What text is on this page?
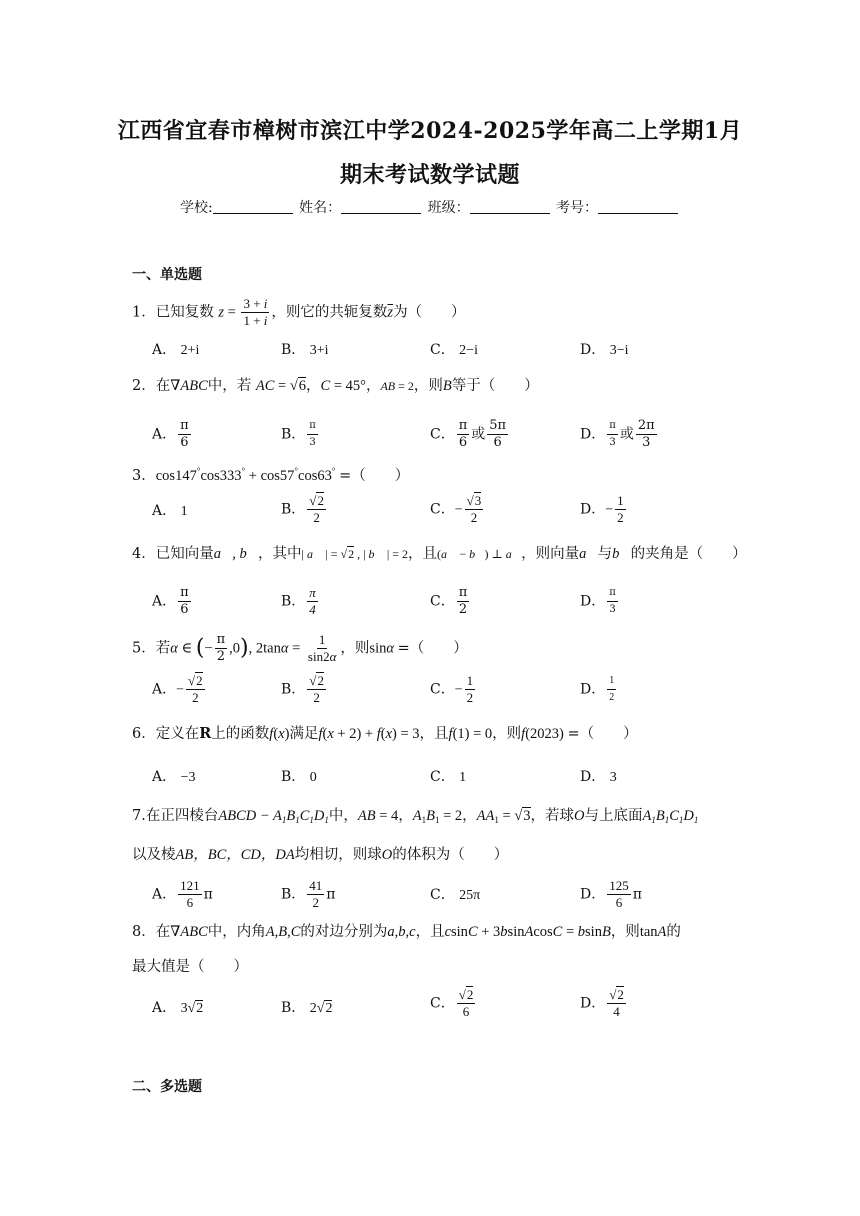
江西省宜春市樟树市滨江中学2024-2025学年高二上学期1月
期末考试数学试题
学校:	姓名：	班级：	考号：
一、单选题
1．已知复数 $z = \frac{3 + i}{1 + i}$ ，则它的共轭复数$\overline{z}$为（　　）
A． 2+i	B． 3+i	C． 2−i	D． 3−i
2．在∇ABC中，若 AC = √6，C = 45°，AB = 2，则B等于（　　）
A． $\frac{\pi}{6}$	B． $\frac{\pi}{3}$	C． $\frac{\pi}{6}$ 或 $\frac{5\pi}{6}$	D． $\frac{\pi}{3}$ 或 $\frac{2\pi}{3}$
3．cos147°cos333° + cos57°cos63° =（　　）
A． 1	B． $\frac{√2}{2}$	C．− $\frac{√3}{2}$	D．− $\frac{1}{2}$
4．已知向量a⃗, b⃗，其中| a⃗ | = √2 , | b⃗ | = 2，且(a⃗ − b⃗) ⊥ a⃗，则向量a⃗与b⃗的夹角是（　　）
A． $\frac{\pi}{6}$	B． $\frac{\pi}{4}$	C． $\frac{\pi}{2}$	D． $\frac{\pi}{3}$
5．若α ∈ (− $\frac{\pi}{2} ,0$), $2\tan\alpha = \frac{1}{\sin 2\alpha}$ ，则sinα =（　　）
A．− $\frac{√2}{2}$	B． $\frac{√2}{2}$	C．− $\frac{1}{2}$	D． $\frac{1}{2}$
6．定义在R上的函数f(x)满足f(x + 2) + f(x) = 3，且f(1) = 0，则f(2023) =（　　）
A． −3	B． 0	C． 1	D． 3
7.在正四棱台ABCD − $A_1B_1C_1D_1$中，AB = 4，$A_1B_1 = 2$，$AA_1 = √3$，若球O与上底面$A_1B_1C_1D_1$
以及棱AB，BC，CD，DA均相切，则球O的体积为（　　）
A． $\frac{121}{6}$ π	B． $\frac{41}{2}$ π	C． 25π	D． $\frac{125}{6}$ π
8．在∇ABC中，内角A,B,C的对边分别为a,b,c，且csinC + 3bsinAcosC = bsinB，则tanA的
最大值是（　　）
A． 3√2	B． 2√2	C． $\frac{√2}{6}$	D． $\frac{√2}{4}$
二、多选题
